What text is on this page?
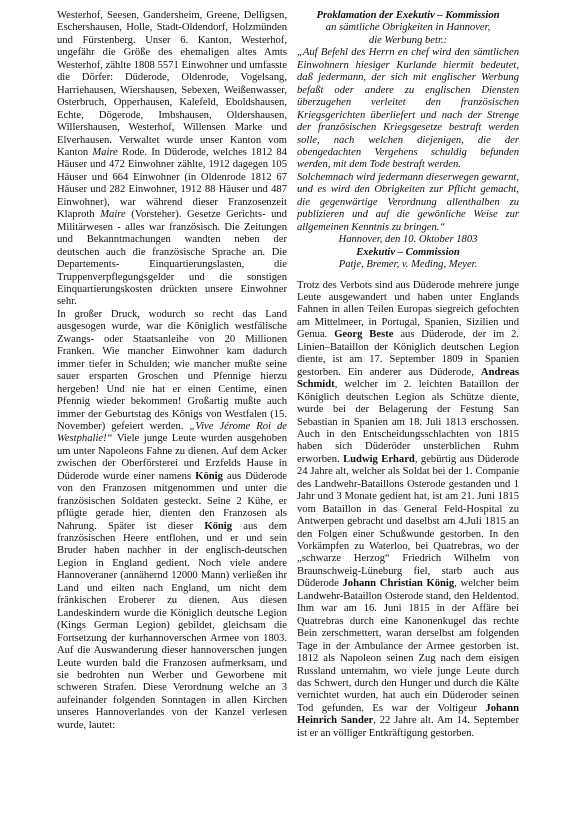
Westerhof, Seesen, Gandersheim, Greene, Delligsen, Eschershausen, Holle, Stadt-Oldendorf, Holzmünden und Fürstenberg. Unser 6. Kanton, Westerhof, ungefähr die Größe des ehemaligen altes Amts Westerhof, zählte 1808 5571 Einwohner und umfasste die Dörfer: Düderode, Oldenrode, Vogelsang, Harriehausen, Wiershausen, Sebexen, Weißenwasser, Osterbruch, Opperhausen, Kalefeld, Eboldshausen, Echte, Dögerode, Imbshausen, Oldershausen, Willershausen, Westerhof, Willensen Marke und Elverhausen. Verwaltet wurde unser Kanton vom Kanton Maire Rode. In Düderode, welches 1812 84 Häuser und 472 Einwohner zählte, 1912 dagegen 105 Häuser und 664 Einwohner (in Oldenrode 1812 67 Häuser und 282 Einwohner, 1912 88 Häuser und 487 Einwohner), war während dieser Franzosenzeit Klaproth Maire (Vorsteher). Gesetze Gerichts- und Militärwesen - alles war französisch. Die Zeitungen und Bekanntmachungen wandten neben der deutschen auch die französische Sprache an. Die Departements- Einquartierungslasten, die Truppenverpflegungsgelder und die sonstigen Einquartierungskosten drückten unsere Einwohner sehr.

In großer Druck, wodurch so recht das Land ausgesogen wurde, war die Königlich westfälische Zwangs- oder Staatsanleihe von 20 Millionen Franken. Wie mancher Einwohner kam dadurch immer tiefer in Schulden; wie mancher mußte seine sauer ersparten Groschen und Pfennige hierzu hergeben! Und nie hat er einen Centime, einen Pfennig wieder bekommen! Großartig mußte auch immer der Geburtstag des Königs von Westfalen (15. November) gefeiert werden. „Vive Jérome Roi de Westphalie!“ Viele junge Leute wurden ausgehoben um unter Napoleons Fahne zu dienen. Auf dem Acker zwischen der Oberförsterei und Erzfelds Hause in Düderode wurde einer namens König aus Düderode von den Franzosen mitgenommen und unter die französischen Soldaten gesteckt. Seine 2 Kühe, er pflügte gerade hier, dienten den Franzosen als Nahrung. Später ist dieser König aus dem französischen Heere entflohen, und er und sein Bruder haben nachher in der englisch-deutschen Legion in England gedient. Noch viele andere Hannoveraner (annähernd 12000 Mann) verließen ihr Land und eilten nach England, um nicht dem fränkischen Eroberer zu dienen. Aus diesen Landeskindern wurde die Königlich deutsche Legion (Kings German Legion) gebildet, gleichsam die Fortsetzung der kurhannoverschen Armee von 1803. Auf die Auswanderung dieser hannoverschen jungen Leute wurden bald die Franzosen aufmerksam, und sie bedrohten nun Werber und Geworbene mit schweren Strafen. Diese Verordnung welche an 3 aufeinander folgenden Sonntagen in allen Kirchen unseres Hannoverlandes von der Kanzel verlesen wurde, lautet:

Proklamation der Exekutiv – Kommission

an sämtliche Obrigkeiten in Hannover,

die Werbung betr.:

„Auf Befehl des Herrn en chef wird den sämtlichen Einwohnern hiesiger Kurlande hiermit bedeutet, daß jedermann, der sich mit englischer Werbung befaßt oder andere zu englischen Diensten überzugehen verleitet den französischen Kriegsgerichten überliefert und nach der Strenge der französischen Kriegsgesetze bestraft werden solle, nach welchen diejenigen, die der obengedachten Vergehens schuldig befunden werden, mit dem Tode bestraft werden.

Solchemnach wird jedermann dieserwegen gewarnt, und es wird den Obrigkeiten zur Pflicht gemacht, die gegenwärtige Verordnung allenthalben zu publizieren und auf die gewönliche Weise zur allgemeinen Kenntnis zu bringen.“

Hannover, den 10. Oktober 1803

Exekutiv – Commission

Patje, Bremer, v. Meding, Meyer.

Trotz des Verbots sind aus Düderode mehrere junge Leute ausgewandert und haben unter Englands Fahnen in allen Teilen Europas siegreich gefochten am Mittelmeer, in Portugal, Spanien, Sizilien und Genua. Georg Beste aus Düderode, der im 2. Linien–Bataillon der Königlich deutschen Legion diente, ist am 17. September 1809 in Spanien gestorben. Ein anderer aus Düderode, Andreas Schmidt, welcher im 2. leichten Bataillon der Königlich deutschen Legion als Schütze diente, wurde bei der Belagerung der Festung San Sebastian in Spanien am 18. Juli 1813 erschossen. Auch in den Entscheidungsschlachten von 1815 haben sich Düderöder unsterblichen Ruhm erworben. Ludwig Erhard, gebürtig aus Düderode 24 Jahre alt, welcher als Soldat bei der 1. Companie des Landwehr-Bataillons Osterode gestanden und 1 Jahr und 3 Monate gedient hat, ist am 21. Juni 1815 vom Bataillon in das General Feld-Hospital zu Antwerpen gebracht und daselbst am 4.Juli 1815 an den Folgen einer Schußwunde gestorben. In den Vorkämpfen zu Waterloo, bei Quatrebras, wo der „schwarze Herzog“ Friedrich Wilhelm von Braunschweig-Lüneburg fiel, starb auch aus Düderode Johann Christian König, welcher beim Landwehr-Bataillon Osterode stand, den Heldentod. Ihm war am 16. Juni 1815 in der Affäre bei Quatrebras durch eine Kanonenkugel das rechte Bein zerschmettert, waran derselbst am folgenden Tage in der Ambulance der Armee gestorben ist. 1812 als Napoleon seinen Zug nach dem eisigen Russland unternahm, wo viele junge Leute durch das Schwert, durch den Hunger und durch die Kälte vernichtet wurden, hat auch ein Düderoder seinen Tod gefunden. Es war der Voltigeur Johann Heinrich Sander, 22 Jahre alt. Am 14. September ist er an völliger Entkräftigung gestorben.
